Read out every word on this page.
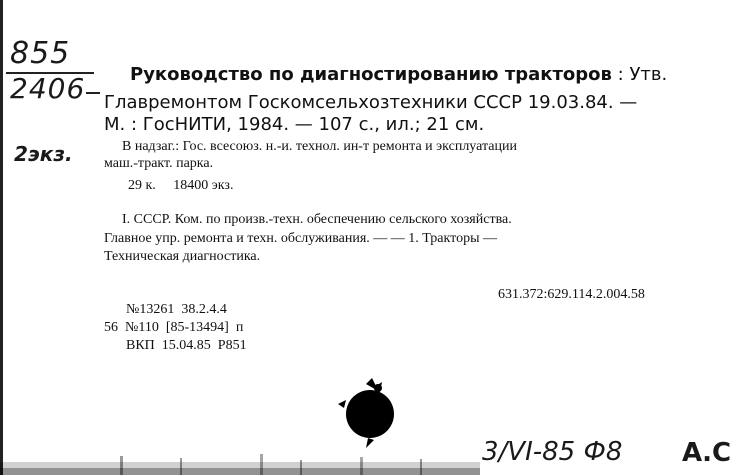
855
2406
2экз.
Руководство по диагностированию тракторов : Утв.
Главремонтом Госкомсельхозтехники СССР 19.03.84. —
М. : ГосНИТИ, 1984. — 107 с., ил.; 21 см.
В надзаг.: Гос. всесоюз. н.-и. технол. ин-т ремонта и эксплуатации
маш.-тракт. парка.
29 к.     18400 экз.
I. СССР. Ком. по произв.-техн. обеспечению сельского хозяйства.
Главное упр. ремонта и техн. обслуживания. — — 1. Тракторы —
Техническая диагностика.
631.372:629.114.2.004.58
№13261  38.2.4.4
56  №110  [85-13494]  п
ВКП  15.04.85  Р851
3/VI-85 Ф8 А.С
